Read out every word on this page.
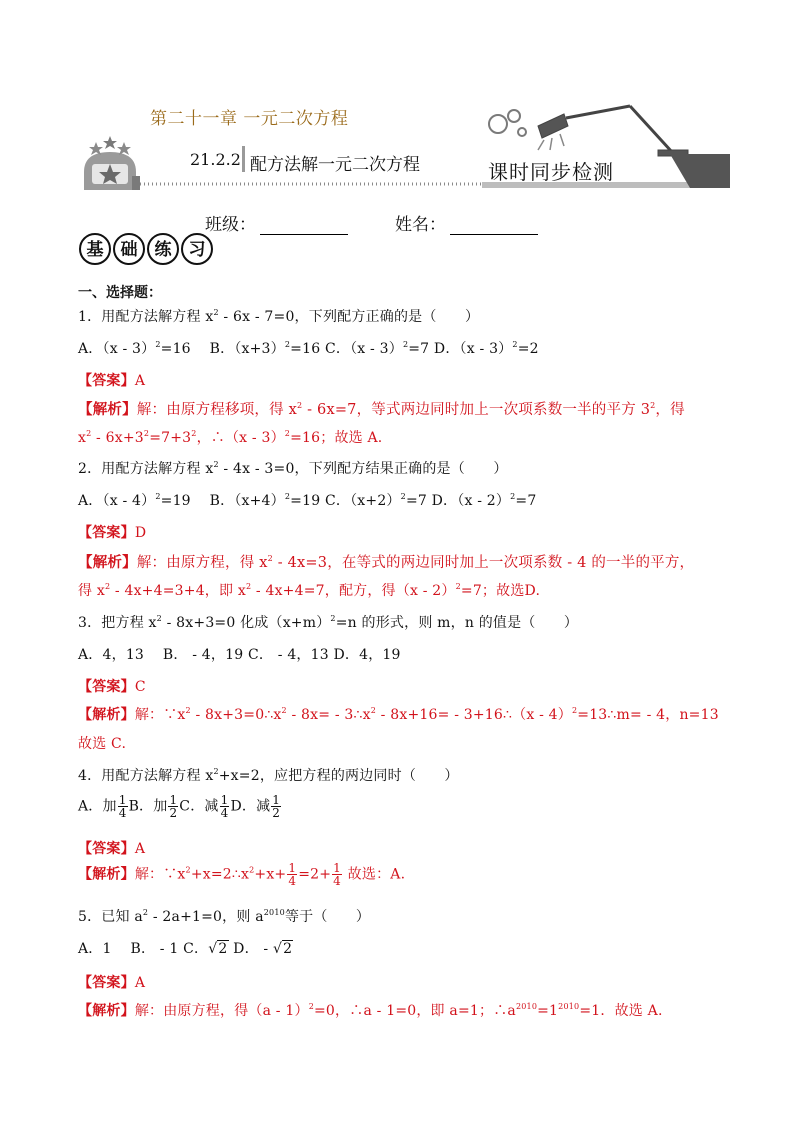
第二十一章 一元二次方程
21.2.2 配方法解一元二次方程	课时同步检测
班级：	姓名：
基 础 练 习
一、选择题：
1．用配方法解方程 $x^2 - 6x - 7=0$，下列配方正确的是（　　）
A．（x - 3）$^2$=16　 B．$(x+3)^2=16$ C．（x - 3）$^2$=7 D．（x - 3）$^2$=2
【答案】A
【解析】解：由原方程移项，得 $x^2 - 6x=7$，等式两边同时加上一次项系数一半的平方 $3^2$，得
$x^2 - 6x+3^2=7+3^2$，∴（x - 3）$^2$=16；故选 A.
2．用配方法解方程 $x^2 - 4x - 3=0$，下列配方结果正确的是（　　）
A．（x - 4）$^2$=19　 B．$(x+4)^2=19$ C．$(x+2)^2=7$ D．（x - 2）$^2$=7
【答案】D
【解析】解：由原方程，得 $x^2 - 4x=3$，在等式的两边同时加上一次项系数 - 4 的一半的平方，
得 $x^2 - 4x+4=3+4$，即 $x^2 - 4x+4=7$，配方，得（x - 2）$^2$=7；故选D.
3．把方程 $x^2 - 8x+3=0$ 化成$(x+m)^2=n$ 的形式，则 m，n 的值是（　　）
A．4，13　 B． - 4，19 C． - 4，13 D．4，19
【答案】C
【解析】解：$\because x^2$ - $8x+3=0\therefore x^2 - 8x=$ - $3\therefore x^2 - 8x+16=$ - 3+16∴（x - 4）$^2$=13∴m= - 4，n=13
故选 C.
4．用配方法解方程 $x^2+x=2$，应把方程的两边同时（　　）
A．加 $\frac{1}{4}$ B．加 $\frac{1}{2}$ C．减 $\frac{1}{4}$ D．减 $\frac{1}{2}$
【答案】A
【解析】解：$\because x^2+x=2\therefore x^2+x+ \frac{1}{4} =2+ \frac{1}{4}$ 故选：A.
5．已知 $a^2 - 2a+1=0$，则 $a^{2010}$等于（　　）
A．1　 B． - 1 C．√2 D． - √2
【答案】A
【解析】解：由原方程，得（a - 1）$^2$=0，∴a - 1=0，即 a=1；$\therefore a^{2010}=1^{2010}=1$．故选 A.
